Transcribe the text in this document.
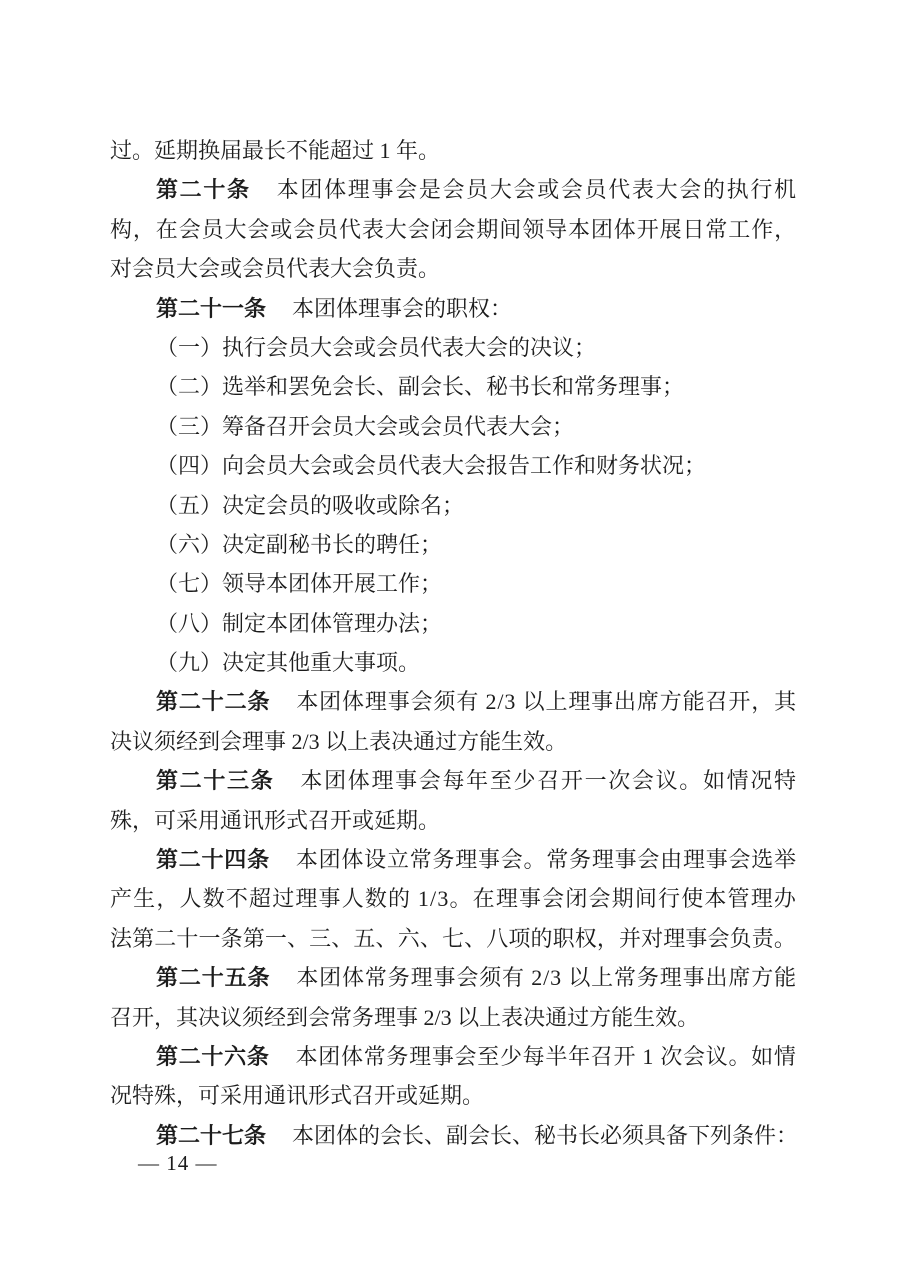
过。延期换届最长不能超过 1 年。
第二十条 本团体理事会是会员大会或会员代表大会的执行机
构，在会员大会或会员代表大会闭会期间领导本团体开展日常工作，
对会员大会或会员代表大会负责。
第二十一条 本团体理事会的职权：
（一）执行会员大会或会员代表大会的决议；
（二）选举和罢免会长、副会长、秘书长和常务理事；
（三）筹备召开会员大会或会员代表大会；
（四）向会员大会或会员代表大会报告工作和财务状况；
（五）决定会员的吸收或除名；
（六）决定副秘书长的聘任；
（七）领导本团体开展工作；
（八）制定本团体管理办法；
（九）决定其他重大事项。
第二十二条 本团体理事会须有 2/3 以上理事出席方能召开，其
决议须经到会理事 2/3 以上表决通过方能生效。
第二十三条 本团体理事会每年至少召开一次会议。如情况特
殊，可采用通讯形式召开或延期。
第二十四条 本团体设立常务理事会。常务理事会由理事会选举
产生，人数不超过理事人数的 1/3。在理事会闭会期间行使本管理办
法第二十一条第一、三、五、六、七、八项的职权，并对理事会负责。
第二十五条 本团体常务理事会须有 2/3 以上常务理事出席方能
召开，其决议须经到会常务理事 2/3 以上表决通过方能生效。
第二十六条 本团体常务理事会至少每半年召开 1 次会议。如情
况特殊，可采用通讯形式召开或延期。
第二十七条 本团体的会长、副会长、秘书长必须具备下列条件：
— 14 —
